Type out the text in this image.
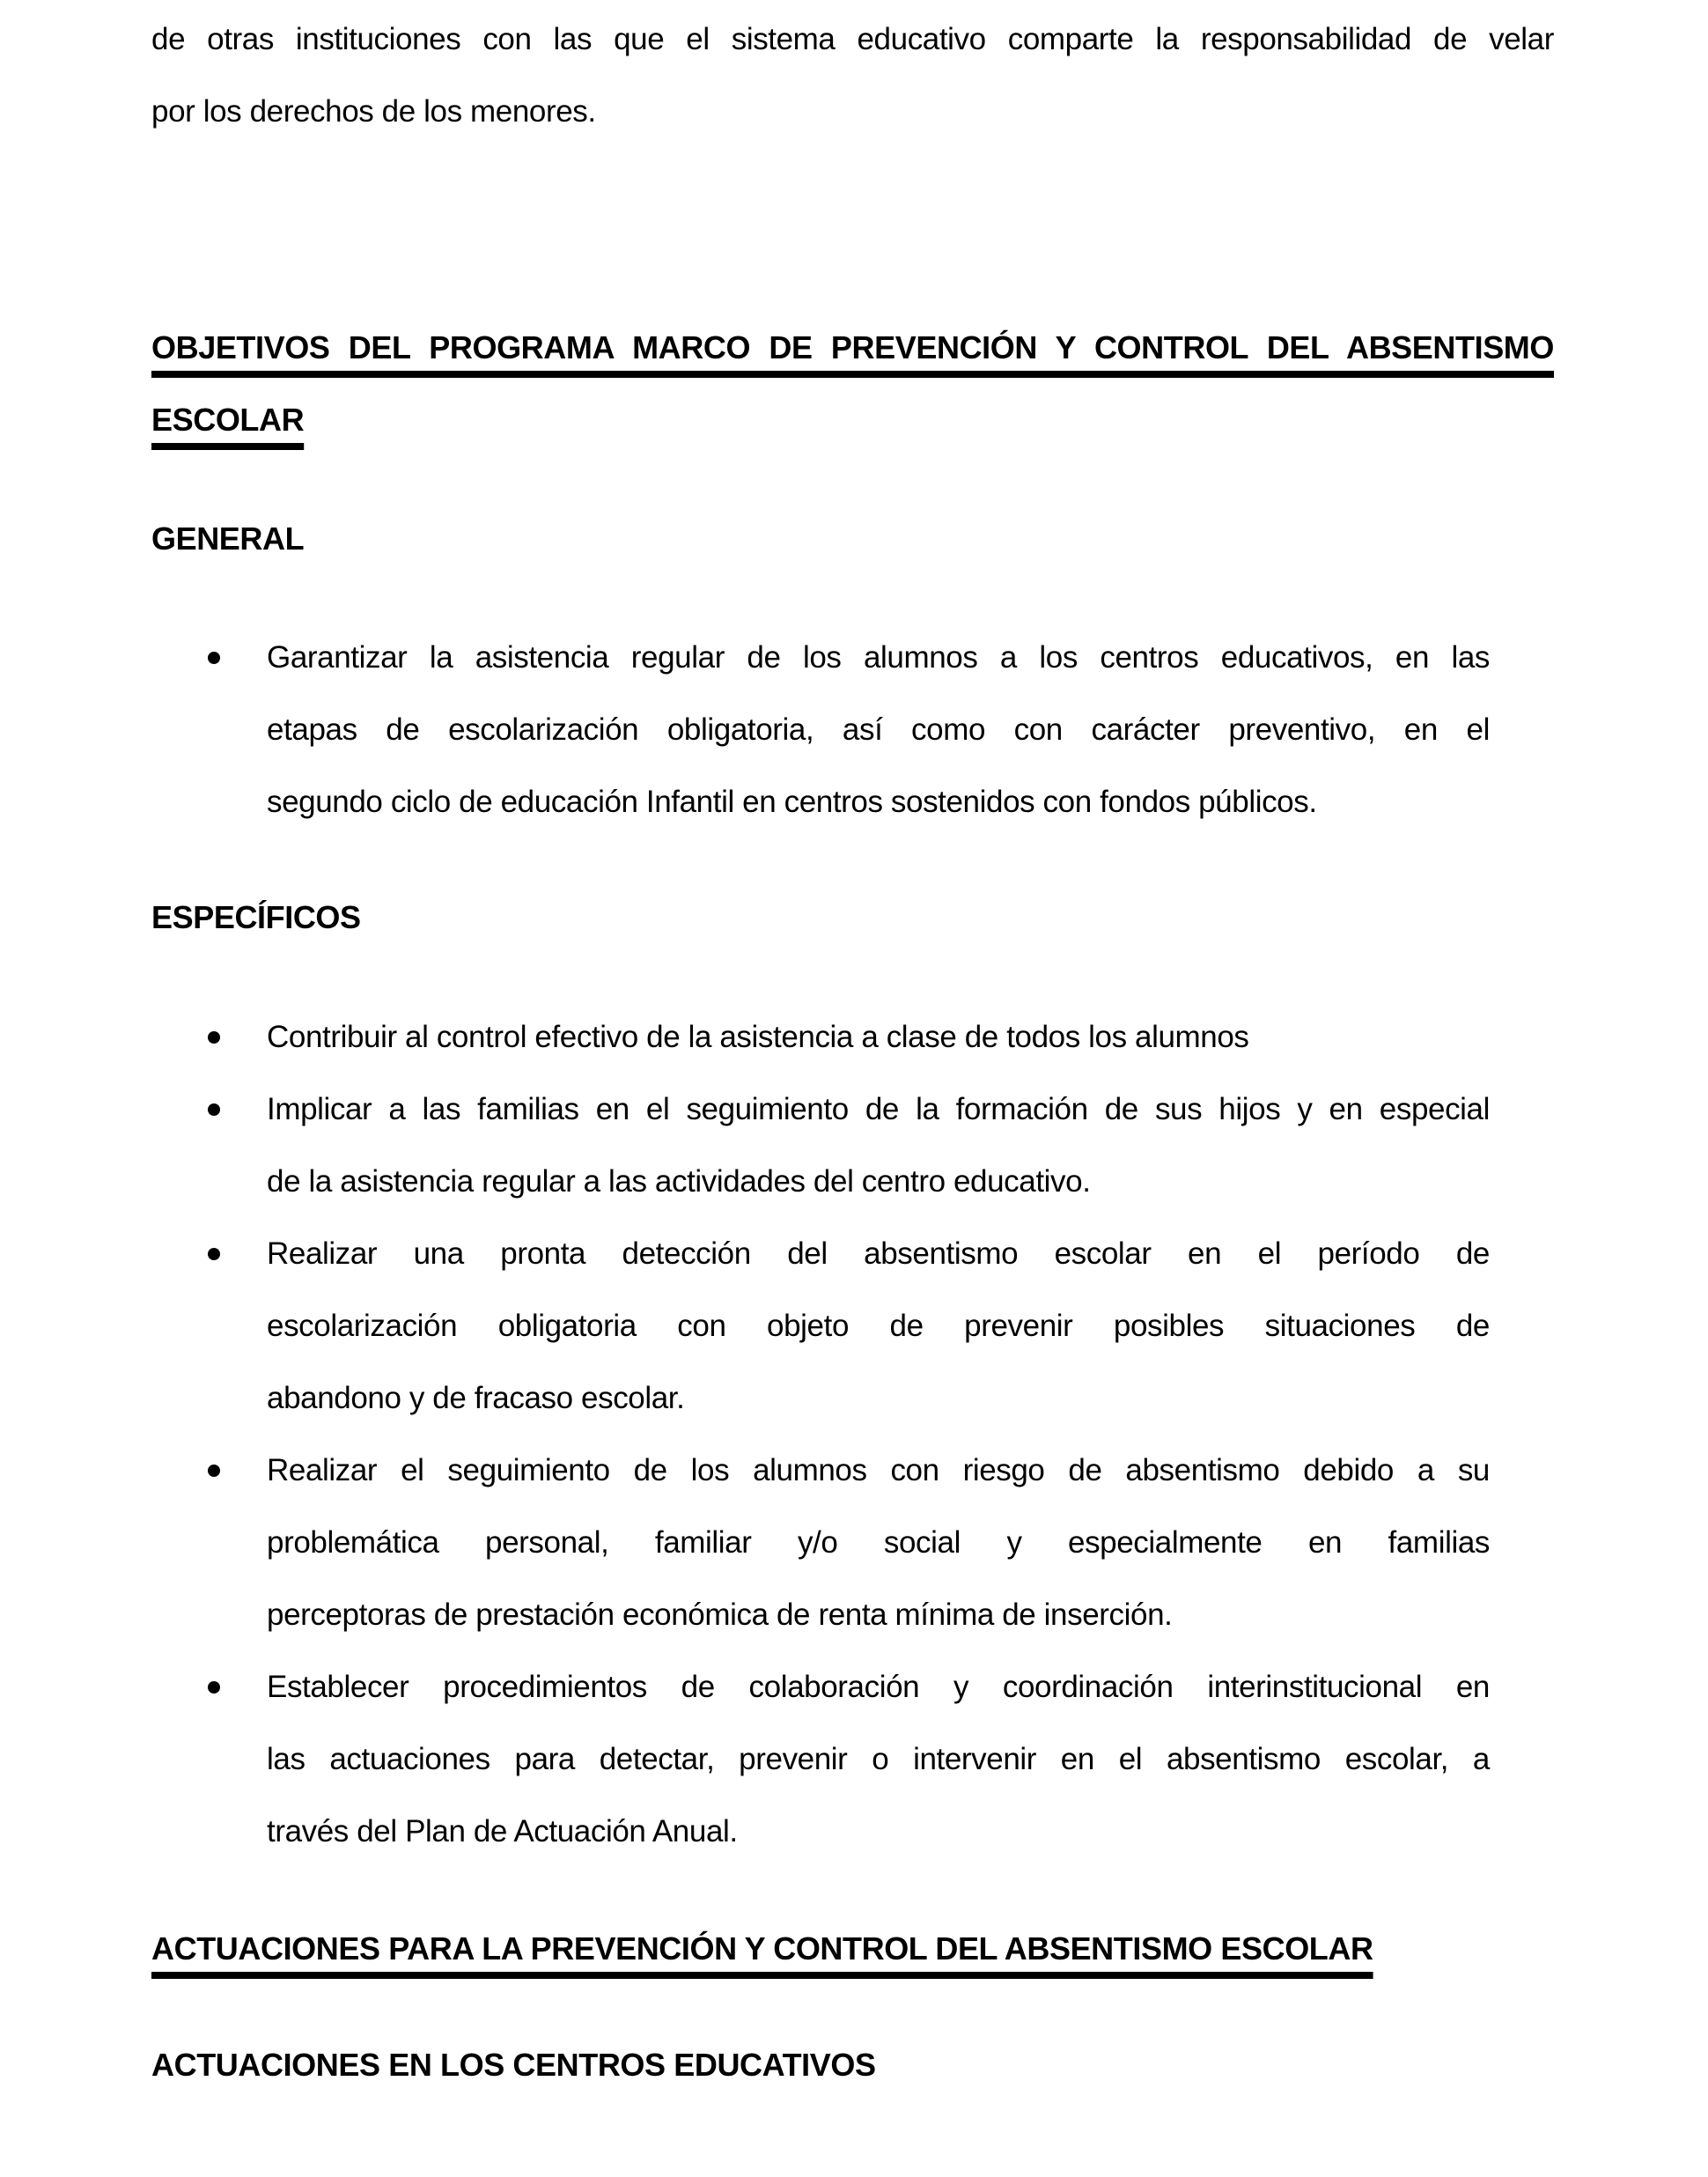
de otras instituciones con las que el sistema educativo comparte la responsabilidad de velar
por los derechos de los menores.
OBJETIVOS DEL PROGRAMA MARCO DE PREVENCIÓN Y CONTROL DEL ABSENTISMO
ESCOLAR
GENERAL
Garantizar la asistencia regular de los alumnos a los centros educativos, en las
etapas de escolarización obligatoria, así como con carácter preventivo, en el
segundo ciclo de educación Infantil en centros sostenidos con fondos públicos.
ESPECÍFICOS
Contribuir al control efectivo de la asistencia a clase de todos los alumnos
Implicar a las familias en el seguimiento de la formación de sus hijos y en especial
de la asistencia regular a las actividades del centro educativo.
Realizar una pronta detección del absentismo escolar en el período de
escolarización obligatoria con objeto de prevenir posibles situaciones de
abandono y de fracaso escolar.
Realizar el seguimiento de los alumnos con riesgo de absentismo debido a su
problemática personal, familiar y/o social y especialmente en familias
perceptoras de prestación económica de renta mínima de inserción.
Establecer procedimientos de colaboración y coordinación interinstitucional en
las actuaciones para detectar, prevenir o intervenir en el absentismo escolar, a
través del Plan de Actuación Anual.
ACTUACIONES PARA LA PREVENCIÓN Y CONTROL DEL ABSENTISMO ESCOLAR
ACTUACIONES EN LOS CENTROS EDUCATIVOS
